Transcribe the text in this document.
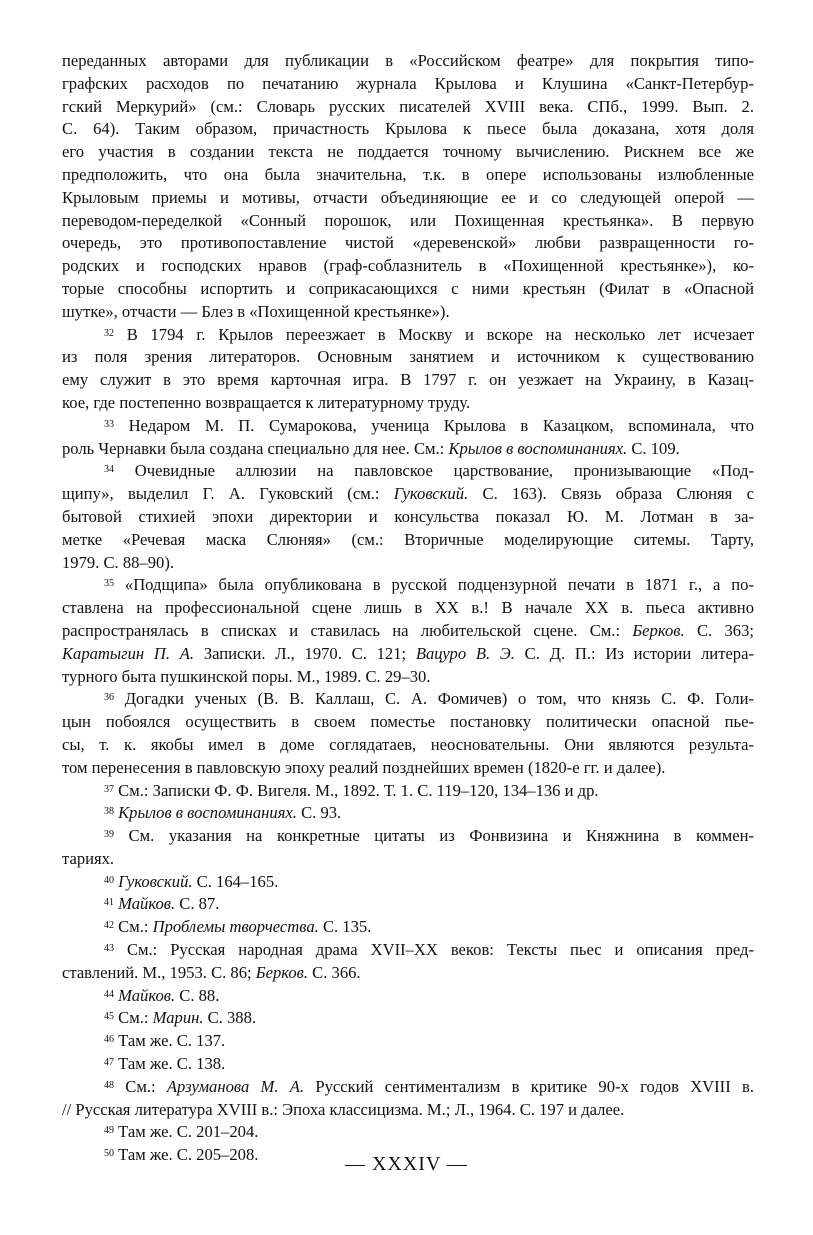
переданных авторами для публикации в «Российском феатре» для покрытия типо-
графских расходов по печатанию журнала Крылова и Клушина «Санкт-Петербур-
гский Меркурий» (см.: Словарь русских писателей XVIII века. СПб., 1999. Вып. 2.
С. 64). Таким образом, причастность Крылова к пьесе была доказана, хотя доля
его участия в создании текста не поддается точному вычислению. Рискнем все же
предположить, что она была значительна, т.к. в опере использованы излюбленные
Крыловым приемы и мотивы, отчасти объединяющие ее и со следующей оперой —
переводом-переделкой «Сонный порошок, или Похищенная крестьянка». В первую
очередь, это противопоставление чистой «деревенской» любви развращенности го-
родских и господских нравов (граф-соблазнитель в «Похищенной крестьянке»), ко-
торые способны испортить и соприкасающихся с ними крестьян (Филат в «Опасной
шутке», отчасти — Блез в «Похищенной крестьянке»).
$^{32}$ В 1794 г. Крылов переезжает в Москву и вскоре на несколько лет исчезает
из поля зрения литераторов. Основным занятием и источником к существованию
ему служит в это время карточная игра. В 1797 г. он уезжает на Украину, в Казац-
кое, где постепенно возвращается к литературному труду.
$^{33}$ Недаром М. П. Сумарокова, ученица Крылова в Казацком, вспоминала, что
роль Чернавки была создана специально для нее. См.: Крылов в воспоминаниях. С. 109.
$^{34}$ Очевидные аллюзии на павловское царствование, пронизывающие «Под-
щипу», выделил Г. А. Гуковский (см.: Гуковский. С. 163). Связь образа Слюняя с
бытовой стихией эпохи директории и консульства показал Ю. М. Лотман в за-
метке «Речевая маска Слюняя» (см.: Вторичные моделирующие ситемы. Тарту,
1979. С. 88–90).
$^{35}$ «Подщипа» была опубликована в русской подцензурной печати в 1871 г., а по-
ставлена на профессиональной сцене лишь в XX в.! В начале XX в. пьеса активно
распространялась в списках и ставилась на любительской сцене. См.: Берков. С. 363;
Каратыгин П. А. Записки. Л., 1970. С. 121; Вацуро В. Э. С. Д. П.: Из истории литера-
турного быта пушкинской поры. М., 1989. С. 29–30.
$^{36}$ Догадки ученых (В. В. Каллаш, С. А. Фомичев) о том, что князь С. Ф. Голи-
цын побоялся осуществить в своем поместье постановку политически опасной пье-
сы, т. к. якобы имел в доме соглядатаев, неосновательны. Они являются результа-
том перенесения в павловскую эпоху реалий позднейших времен (1820-е гг. и далее).
$^{37}$ См.: Записки Ф. Ф. Вигеля. М., 1892. Т. 1. С. 119–120, 134–136 и др.
$^{38}$ Крылов в воспоминаниях. С. 93.
$^{39}$ См. указания на конкретные цитаты из Фонвизина и Княжнина в коммен-
тариях.
$^{40}$ Гуковский. С. 164–165.
$^{41}$ Майков. С. 87.
$^{42}$ См.: Проблемы творчества. С. 135.
$^{43}$ См.: Русская народная драма XVII–XX веков: Тексты пьес и описания пред-
ставлений. М., 1953. С. 86; Берков. С. 366.
$^{44}$ Майков. С. 88.
$^{45}$ См.: Марин. С. 388.
$^{46}$ Там же. С. 137.
$^{47}$ Там же. С. 138.
$^{48}$ См.: Арзуманова М. А. Русский сентиментализм в критике 90-х годов XVIII в.
// Русская литература XVIII в.: Эпоха классицизма. М.; Л., 1964. С. 197 и далее.
$^{49}$ Там же. С. 201–204.
$^{50}$ Там же. С. 205–208.	— XXXIV —
